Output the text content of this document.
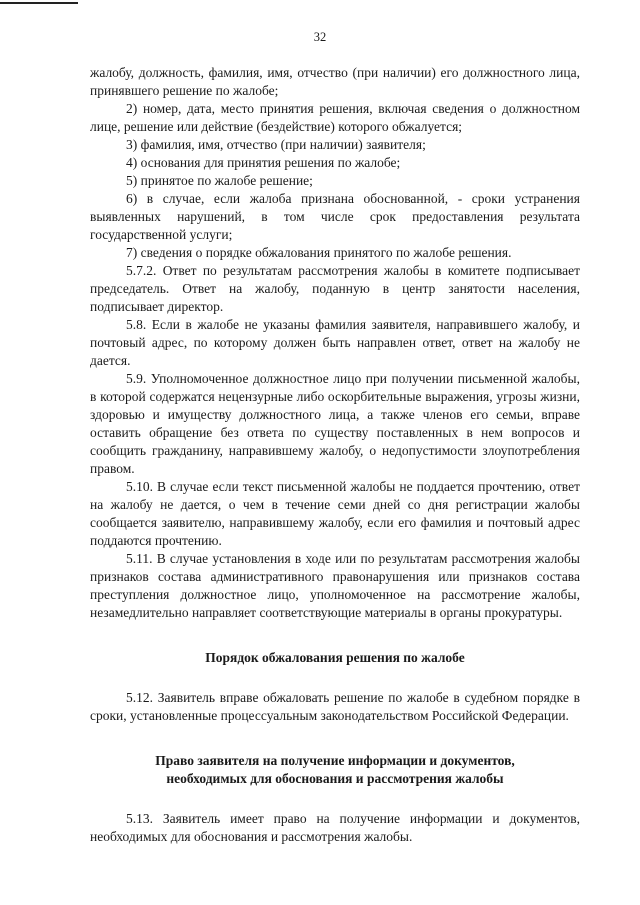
32

жалобу, должность, фамилия, имя, отчество (при наличии) его должностного лица, принявшего решение по жалобе;

2) номер, дата, место принятия решения, включая сведения о должностном лице, решение или действие (бездействие) которого обжалуется;

3) фамилия, имя, отчество (при наличии) заявителя;

4) основания для принятия решения по жалобе;

5) принятое по жалобе решение;

6) в случае, если жалоба признана обоснованной, - сроки устранения выявленных нарушений, в том числе срок предоставления результата государственной услуги;

7) сведения о порядке обжалования принятого по жалобе решения.

5.7.2. Ответ по результатам рассмотрения жалобы в комитете подписывает председатель. Ответ на жалобу, поданную в центр занятости населения, подписывает директор.

5.8. Если в жалобе не указаны фамилия заявителя, направившего жалобу, и почтовый адрес, по которому должен быть направлен ответ, ответ на жалобу не дается.

5.9. Уполномоченное должностное лицо при получении письменной жалобы, в которой содержатся нецензурные либо оскорбительные выражения, угрозы жизни, здоровью и имуществу должностного лица, а также членов его семьи, вправе оставить обращение без ответа по существу поставленных в нем вопросов и сообщить гражданину, направившему жалобу, о недопустимости злоупотребления правом.

5.10. В случае если текст письменной жалобы не поддается прочтению, ответ на жалобу не дается, о чем в течение семи дней со дня регистрации жалобы сообщается заявителю, направившему жалобу, если его фамилия и почтовый адрес поддаются прочтению.

5.11. В случае установления в ходе или по результатам рассмотрения жалобы признаков состава административного правонарушения или признаков состава преступления должностное лицо, уполномоченное на рассмотрение жалобы, незамедлительно направляет соответствующие материалы в органы прокуратуры.

Порядок обжалования решения по жалобе

5.12. Заявитель вправе обжаловать решение по жалобе в судебном порядке в сроки, установленные процессуальным законодательством Российской Федерации.

Право заявителя на получение информации и документов,

необходимых для обоснования и рассмотрения жалобы

5.13. Заявитель имеет право на получение информации и документов, необходимых для обоснования и рассмотрения жалобы.
